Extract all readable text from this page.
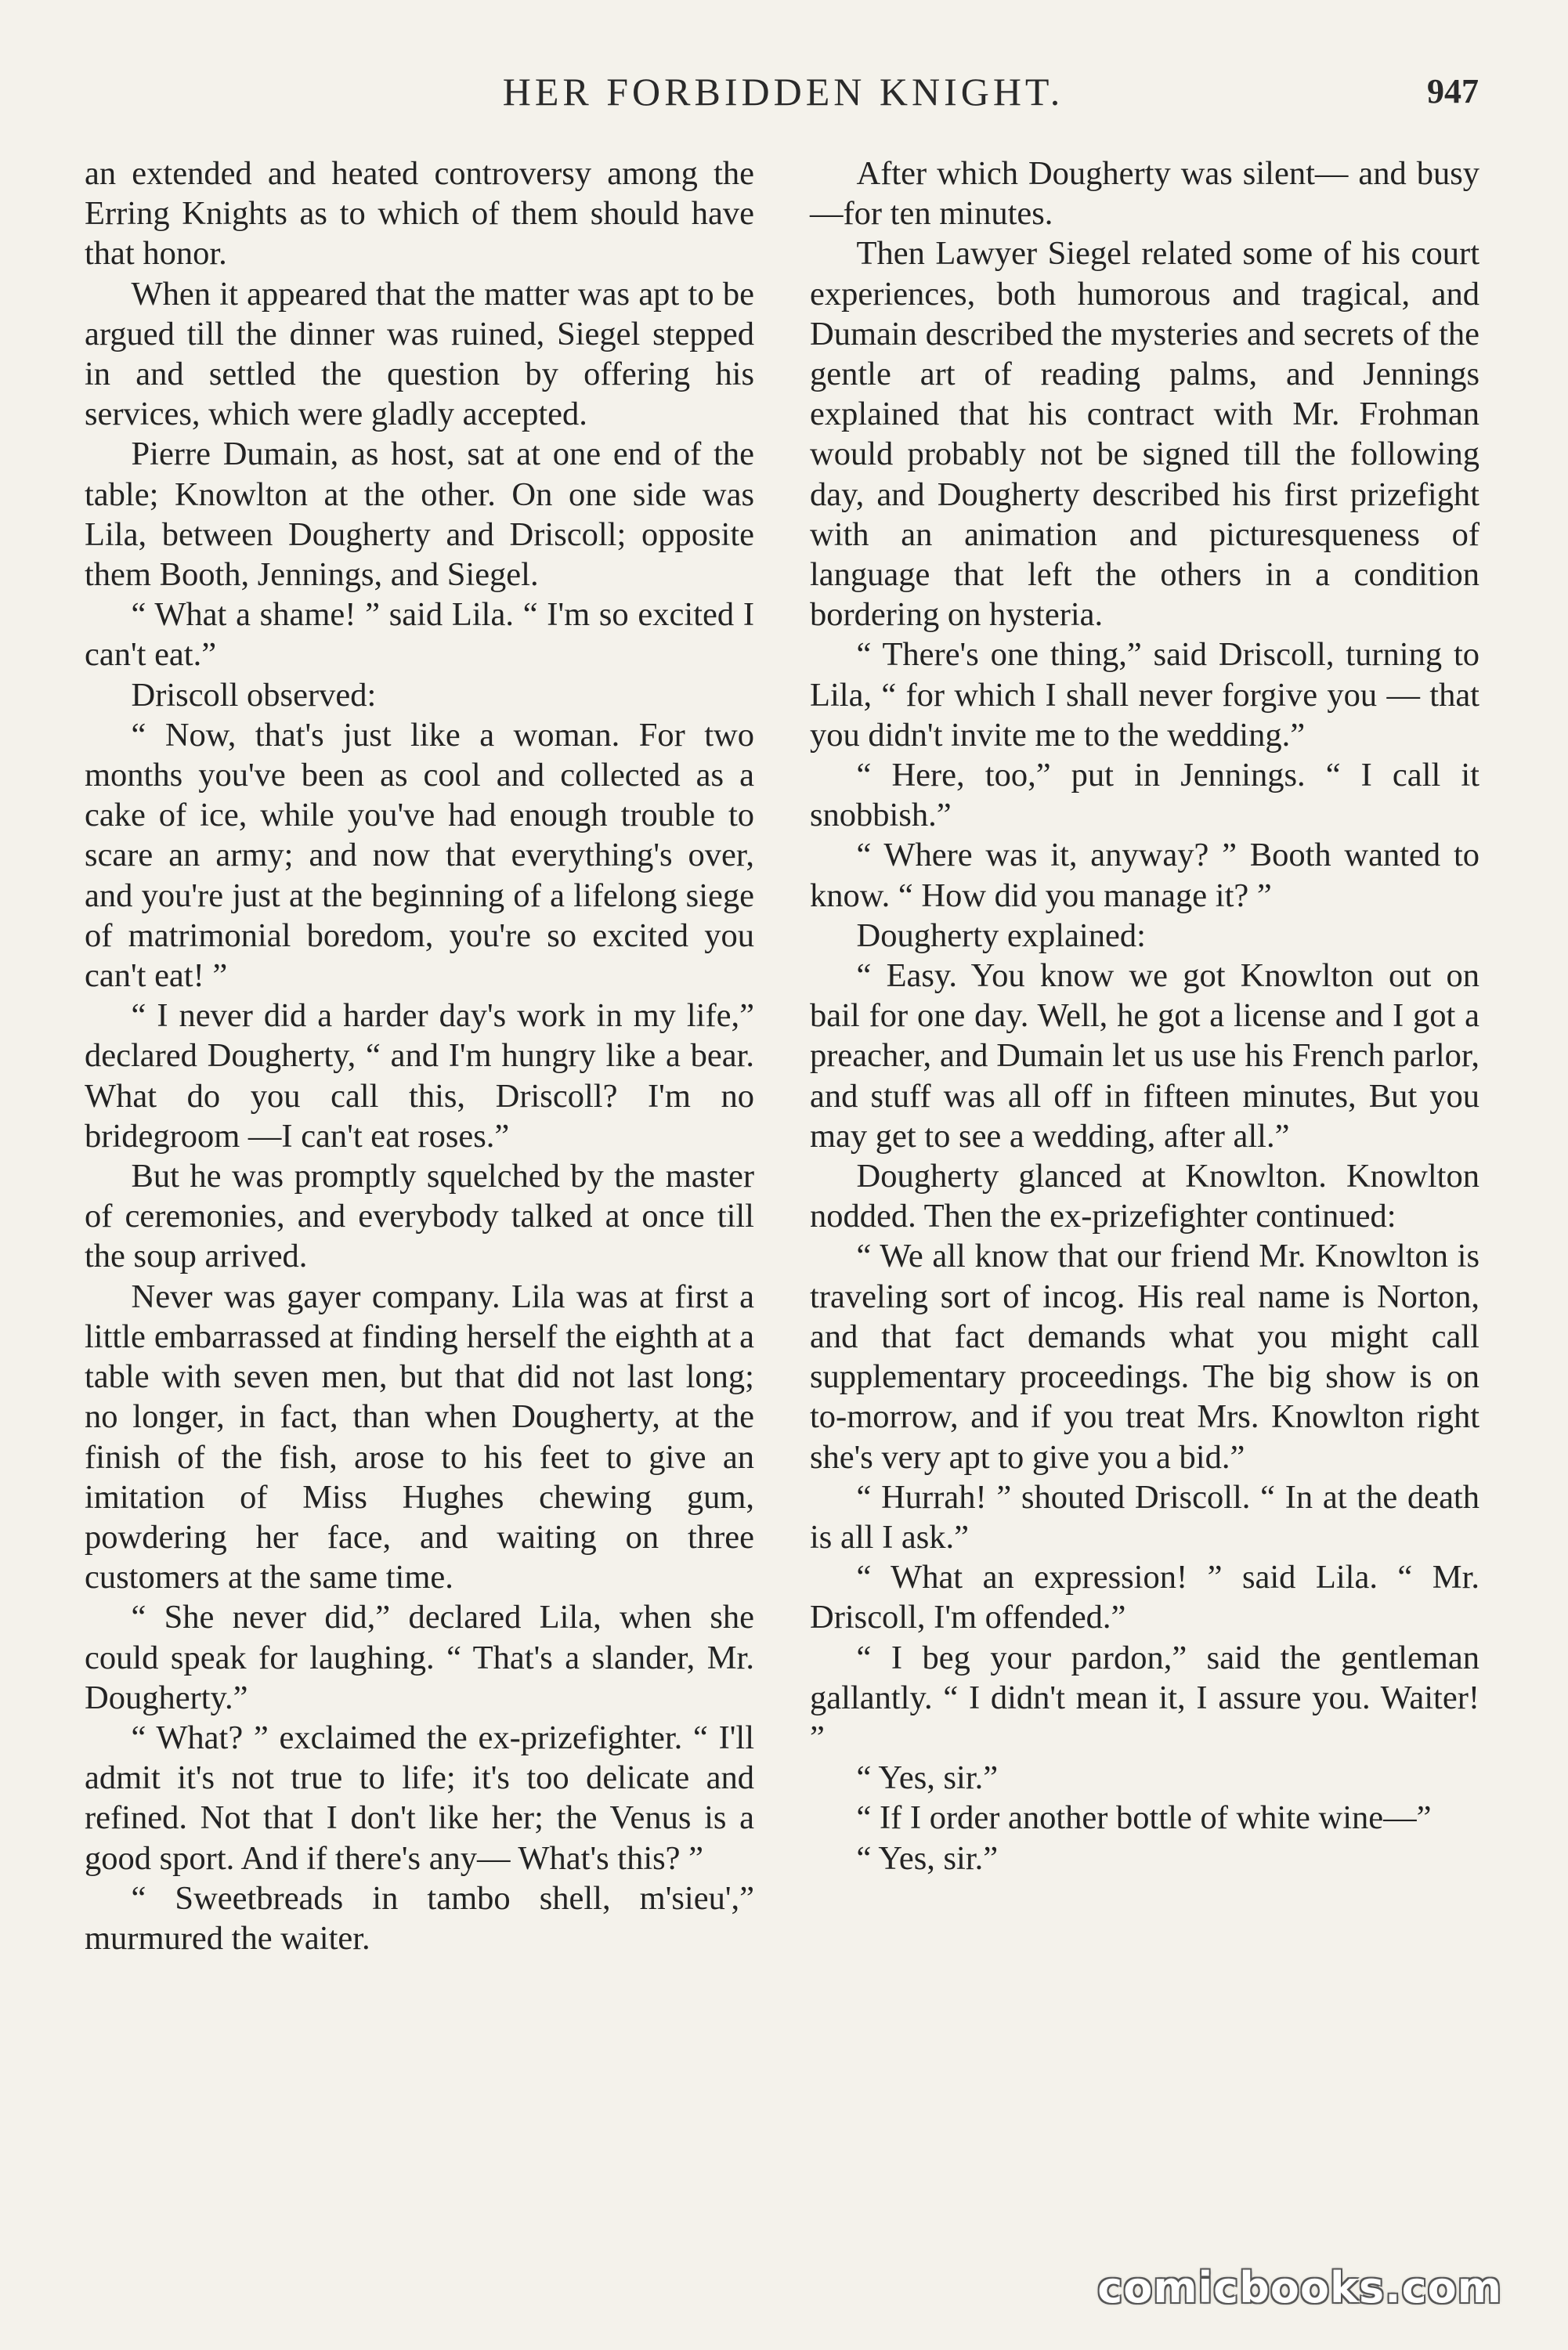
HER FORBIDDEN KNIGHT.	947

an extended and heated controversy among the Erring Knights as to which of them should have that honor.

When it appeared that the matter was apt to be argued till the dinner was ruined, Siegel stepped in and settled the question by offering his services, which were gladly accepted.

Pierre Dumain, as host, sat at one end of the table; Knowlton at the other. On one side was Lila, between Dougherty and Driscoll; opposite them Booth, Jennings, and Siegel.

“ What a shame! ” said Lila. “ I'm so excited I can't eat.”

Driscoll observed:

“ Now, that's just like a woman. For two months you've been as cool and collected as a cake of ice, while you've had enough trouble to scare an army; and now that everything's over, and you're just at the beginning of a lifelong siege of matrimonial boredom, you're so excited you can't eat! ”

“ I never did a harder day's work in my life,” declared Dougherty, “ and I'm hungry like a bear. What do you call this, Driscoll? I'm no bridegroom —I can't eat roses.”

But he was promptly squelched by the master of ceremonies, and everybody talked at once till the soup arrived.

Never was gayer company. Lila was at first a little embarrassed at finding herself the eighth at a table with seven men, but that did not last long; no longer, in fact, than when Dougherty, at the finish of the fish, arose to his feet to give an imitation of Miss Hughes chewing gum, powdering her face, and waiting on three customers at the same time.

“ She never did,” declared Lila, when she could speak for laughing. “ That's a slander, Mr. Dougherty.”

“ What? ” exclaimed the ex-prizefighter. “ I'll admit it's not true to life; it's too delicate and refined. Not that I don't like her; the Venus is a good sport. And if there's any— What's this? ”

“ Sweetbreads in tambo shell, m'sieu',” murmured the waiter.

After which Dougherty was silent— and busy—for ten minutes.

Then Lawyer Siegel related some of his court experiences, both humorous and tragical, and Dumain described the mysteries and secrets of the gentle art of reading palms, and Jennings explained that his contract with Mr. Frohman would probably not be signed till the following day, and Dougherty described his first prizefight with an animation and picturesqueness of language that left the others in a condition bordering on hysteria.

“ There's one thing,” said Driscoll, turning to Lila, “ for which I shall never forgive you — that you didn't invite me to the wedding.”

“ Here, too,” put in Jennings. “ I call it snobbish.”

“ Where was it, anyway? ” Booth wanted to know. “ How did you manage it? ”

Dougherty explained:

“ Easy. You know we got Knowlton out on bail for one day. Well, he got a license and I got a preacher, and Dumain let us use his French parlor, and stuff was all off in fifteen minutes, But you may get to see a wedding, after all.”

Dougherty glanced at Knowlton. Knowlton nodded. Then the ex-prizefighter continued:

“ We all know that our friend Mr. Knowlton is traveling sort of incog. His real name is Norton, and that fact demands what you might call supplementary proceedings. The big show is on to-morrow, and if you treat Mrs. Knowlton right she's very apt to give you a bid.”

“ Hurrah! ” shouted Driscoll. “ In at the death is all I ask.”

“ What an expression! ” said Lila. “ Mr. Driscoll, I'm offended.”

“ I beg your pardon,” said the gentleman gallantly. “ I didn't mean it, I assure you. Waiter! ”

“ Yes, sir.”

“ If I order another bottle of white wine—”

“ Yes, sir.”

comicbooks.com
